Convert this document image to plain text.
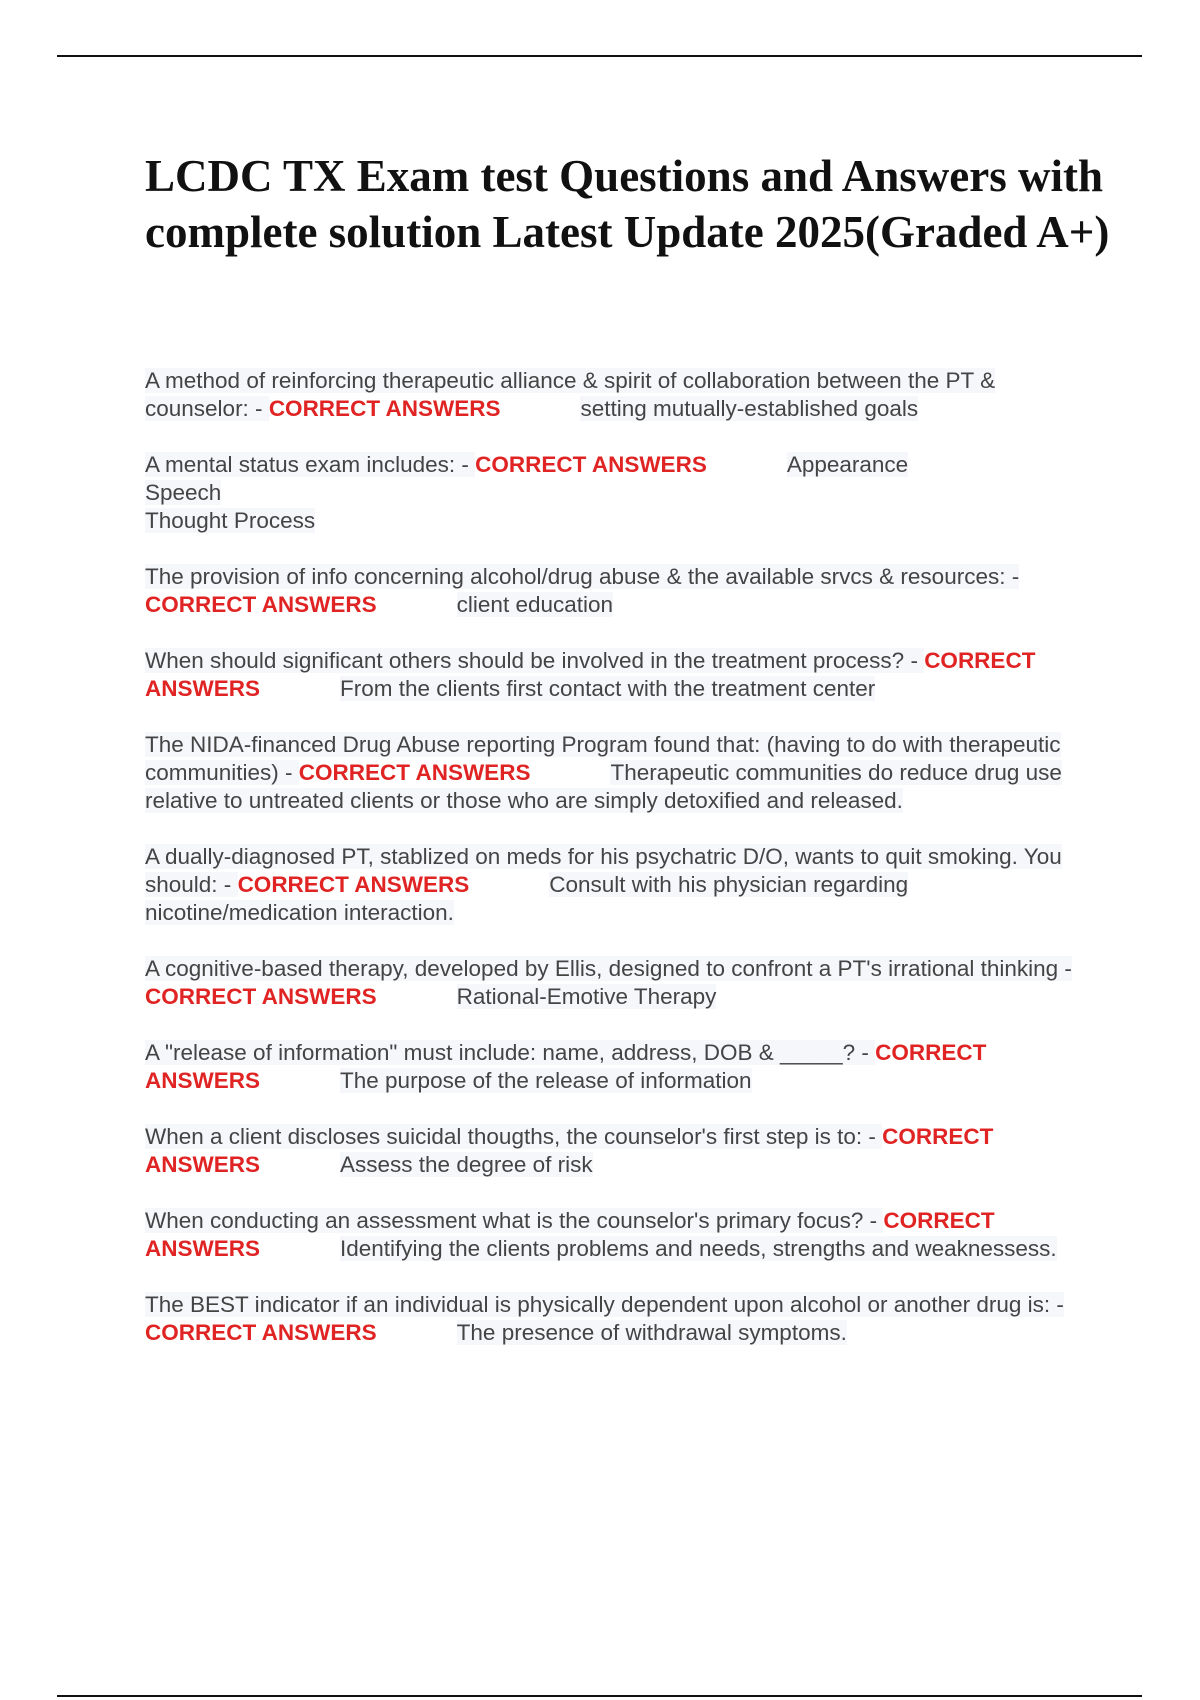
LCDC TX Exam test Questions and Answers with complete solution Latest Update 2025(Graded A+)

A method of reinforcing therapeutic alliance & spirit of collaboration between the PT & counselor: - CORRECT ANSWERS	setting mutually-established goals

A mental status exam includes: - CORRECT ANSWERS	Appearance
Speech
Thought Process

The provision of info concerning alcohol/drug abuse & the available srvcs & resources: - CORRECT ANSWERS	client education

When should significant others should be involved in the treatment process? - CORRECT ANSWERS	From the clients first contact with the treatment center

The NIDA-financed Drug Abuse reporting Program found that: (having to do with therapeutic communities) - CORRECT ANSWERS	Therapeutic communities do reduce drug use relative to untreated clients or those who are simply detoxified and released.

A dually-diagnosed PT, stablized on meds for his psychatric D/O, wants to quit smoking. You should: - CORRECT ANSWERS	Consult with his physician regarding nicotine/medication interaction.

A cognitive-based therapy, developed by Ellis, designed to confront a PT's irrational thinking - CORRECT ANSWERS	Rational-Emotive Therapy

A "release of information" must include: name, address, DOB & _____? - CORRECT ANSWERS	The purpose of the release of information

When a client discloses suicidal thougths, the counselor's first step is to: - CORRECT ANSWERS	Assess the degree of risk

When conducting an assessment what is the counselor's primary focus? - CORRECT ANSWERS	Identifying the clients problems and needs, strengths and weaknessess.

The BEST indicator if an individual is physically dependent upon alcohol or another drug is: - CORRECT ANSWERS	The presence of withdrawal symptoms.
